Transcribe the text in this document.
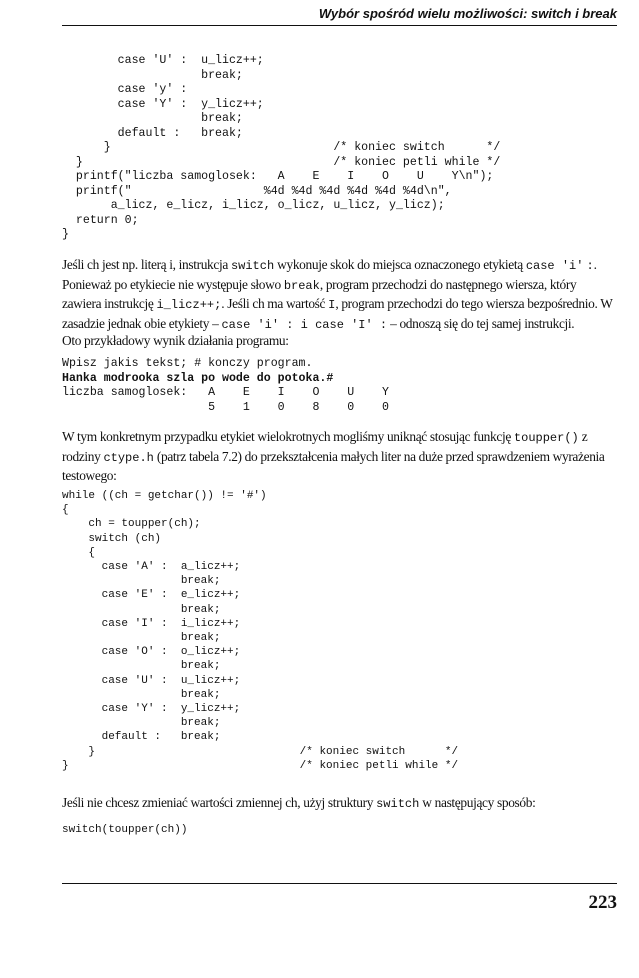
Wybór spośród wielu możliwości: switch i break
case 'U' :  u_licz++;
break;
case 'y' :
case 'Y' :  y_licz++;
break;
default :   break;
}                                /* koniec switch      */
}                                    /* koniec petli while */
printf("liczba samoglosek:   A    E    I    O    U    Y\n");
printf("                   %4d %4d %4d %4d %4d %4d\n",
a_licz, e_licz, i_licz, o_licz, u_licz, y_licz);
return 0;
}

Jeśli ch jest np. literą i, instrukcja switch wykonuje skok do miejsca oznaczonego etykietą case 'i' :. Ponieważ po etykiecie nie występuje słowo break, program przechodzi do następnego wiersza, który zawiera instrukcję i_licz++;. Jeśli ch ma wartość I, program przechodzi do tego wiersza bezpośrednio. W zasadzie jednak obie etykiety – case 'i' : i case 'I' : – odnoszą się do tej samej instrukcji.

Oto przykładowy wynik działania programu:

Wpisz jakis tekst; # konczy program.
Hanka modrooka szla po wode do potoka.#
liczba samoglosek:   A    E    I    O    U    Y
5    1    0    8    0    0

W tym konkretnym przypadku etykiet wielokrotnych mogliśmy uniknąć stosując funkcję toupper() z rodziny ctype.h (patrz tabela 7.2) do przekształcenia małych liter na duże przed sprawdzeniem wyrażenia testowego:

while ((ch = getchar()) != '#')
{
ch = toupper(ch);
switch (ch)
{
case 'A' :  a_licz++;
break;
case 'E' :  e_licz++;
break;
case 'I' :  i_licz++;
break;
case 'O' :  o_licz++;
break;
case 'U' :  u_licz++;
break;
case 'Y' :  y_licz++;
break;
default :   break;
}                               /* koniec switch      */
}                                   /* koniec petli while */

Jeśli nie chcesz zmieniać wartości zmiennej ch, użyj struktury switch w następujący sposób:

switch(toupper(ch))
223
